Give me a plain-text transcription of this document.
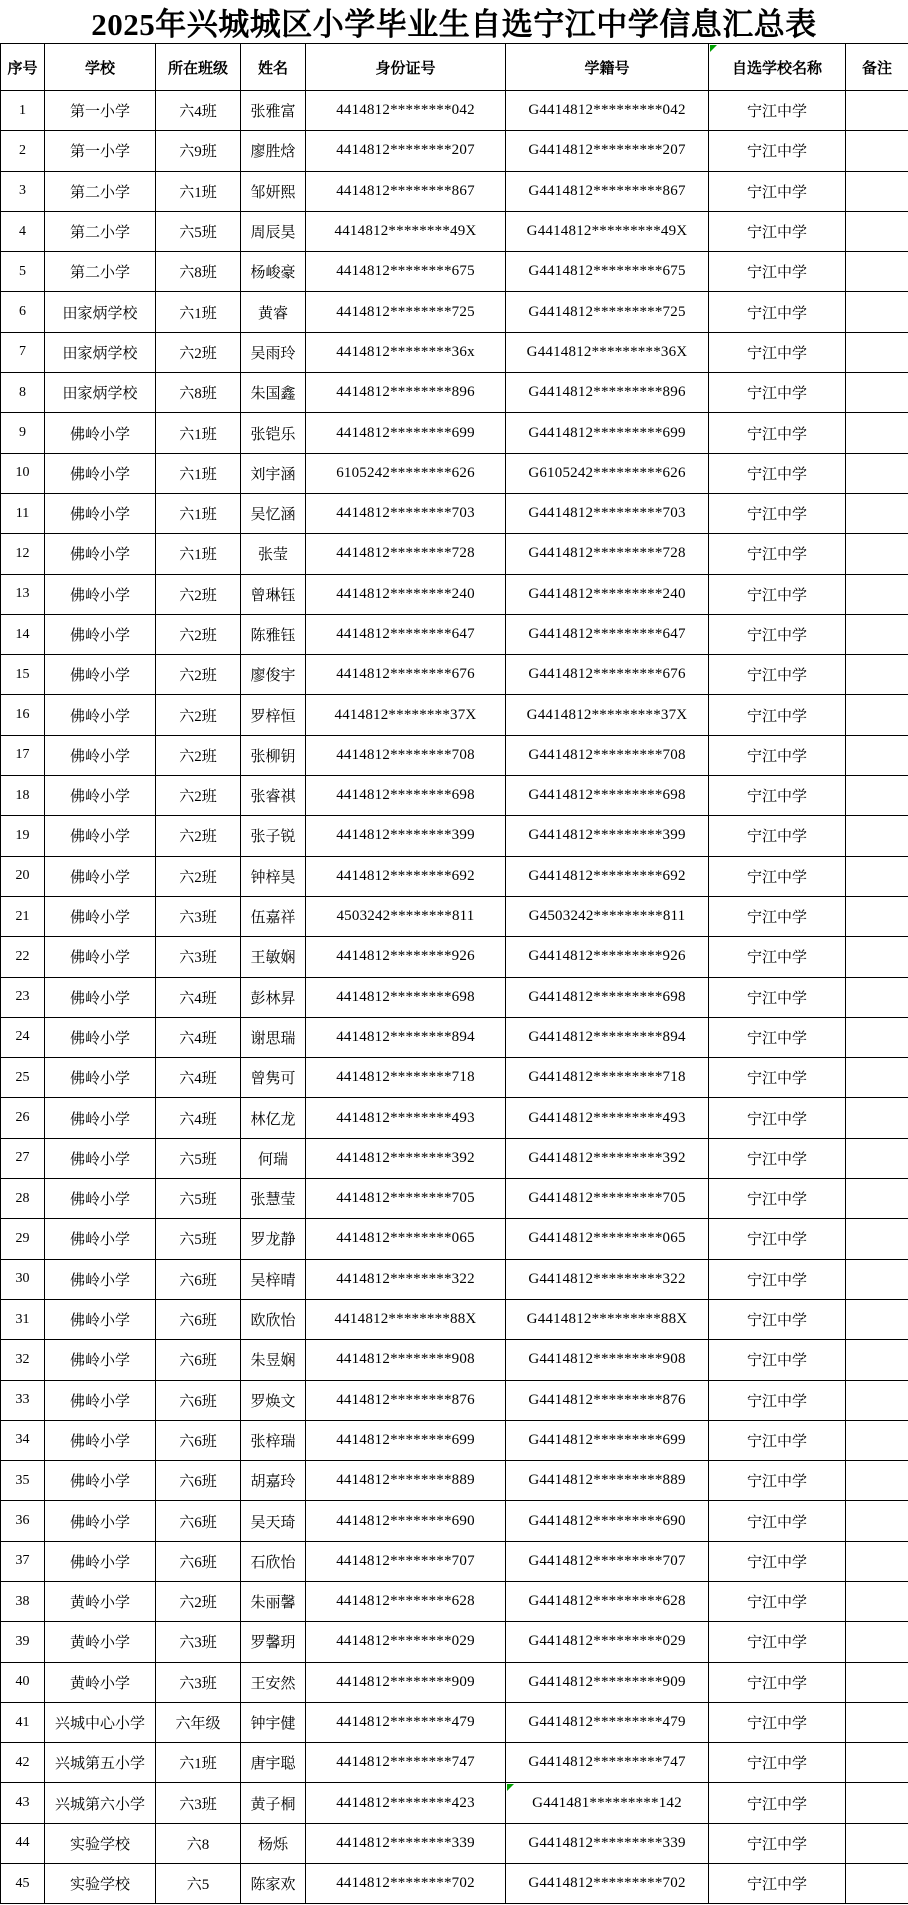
2025年兴城城区小学毕业生自选宁江中学信息汇总表
序号	学校	所在班级	姓名	身份证号	学籍号	自选学校名称	备注
1	第一小学	六4班	张雅富	4414812********042	G4414812*********042	宁江中学	
2	第一小学	六9班	廖胜焓	4414812********207	G4414812*********207	宁江中学	
3	第二小学	六1班	邹妍熙	4414812********867	G4414812*********867	宁江中学	
4	第二小学	六5班	周辰昊	4414812********49X	G4414812*********49X	宁江中学	
5	第二小学	六8班	杨峻豪	4414812********675	G4414812*********675	宁江中学	
6	田家炳学校	六1班	黄睿	4414812********725	G4414812*********725	宁江中学	
7	田家炳学校	六2班	吴雨玲	4414812********36x	G4414812*********36X	宁江中学	
8	田家炳学校	六8班	朱国鑫	4414812********896	G4414812*********896	宁江中学	
9	佛岭小学	六1班	张铠乐	4414812********699	G4414812*********699	宁江中学	
10	佛岭小学	六1班	刘宇涵	6105242********626	G6105242*********626	宁江中学	
11	佛岭小学	六1班	吴忆涵	4414812********703	G4414812*********703	宁江中学	
12	佛岭小学	六1班	张莹	4414812********728	G4414812*********728	宁江中学	
13	佛岭小学	六2班	曾琳钰	4414812********240	G4414812*********240	宁江中学	
14	佛岭小学	六2班	陈雅钰	4414812********647	G4414812*********647	宁江中学	
15	佛岭小学	六2班	廖俊宇	4414812********676	G4414812*********676	宁江中学	
16	佛岭小学	六2班	罗梓恒	4414812********37X	G4414812*********37X	宁江中学	
17	佛岭小学	六2班	张柳钥	4414812********708	G4414812*********708	宁江中学	
18	佛岭小学	六2班	张睿祺	4414812********698	G4414812*********698	宁江中学	
19	佛岭小学	六2班	张子锐	4414812********399	G4414812*********399	宁江中学	
20	佛岭小学	六2班	钟梓昊	4414812********692	G4414812*********692	宁江中学	
21	佛岭小学	六3班	伍嘉祥	4503242********811	G4503242*********811	宁江中学	
22	佛岭小学	六3班	王敏娴	4414812********926	G4414812*********926	宁江中学	
23	佛岭小学	六4班	彭林昇	4414812********698	G4414812*********698	宁江中学	
24	佛岭小学	六4班	谢思瑞	4414812********894	G4414812*********894	宁江中学	
25	佛岭小学	六4班	曾隽可	4414812********718	G4414812*********718	宁江中学	
26	佛岭小学	六4班	林亿龙	4414812********493	G4414812*********493	宁江中学	
27	佛岭小学	六5班	何瑞	4414812********392	G4414812*********392	宁江中学	
28	佛岭小学	六5班	张慧莹	4414812********705	G4414812*********705	宁江中学	
29	佛岭小学	六5班	罗龙静	4414812********065	G4414812*********065	宁江中学	
30	佛岭小学	六6班	吴梓晴	4414812********322	G4414812*********322	宁江中学	
31	佛岭小学	六6班	欧欣怡	4414812********88X	G4414812*********88X	宁江中学	
32	佛岭小学	六6班	朱昱娴	4414812********908	G4414812*********908	宁江中学	
33	佛岭小学	六6班	罗焕文	4414812********876	G4414812*********876	宁江中学	
34	佛岭小学	六6班	张梓瑞	4414812********699	G4414812*********699	宁江中学	
35	佛岭小学	六6班	胡嘉玲	4414812********889	G4414812*********889	宁江中学	
36	佛岭小学	六6班	吴天琦	4414812********690	G4414812*********690	宁江中学	
37	佛岭小学	六6班	石欣怡	4414812********707	G4414812*********707	宁江中学	
38	黄岭小学	六2班	朱丽馨	4414812********628	G4414812*********628	宁江中学	
39	黄岭小学	六3班	罗馨玥	4414812********029	G4414812*********029	宁江中学	
40	黄岭小学	六3班	王安然	4414812********909	G4414812*********909	宁江中学	
41	兴城中心小学	六年级	钟宇健	4414812********479	G4414812*********479	宁江中学	
42	兴城第五小学	六1班	唐宇聪	4414812********747	G4414812*********747	宁江中学	
43	兴城第六小学	六3班	黄子桐	4414812********423	G441481*********142	宁江中学	
44	实验学校	六8	杨烁	4414812********339	G4414812*********339	宁江中学	
45	实验学校	六5	陈家欢	4414812********702	G4414812*********702	宁江中学	
